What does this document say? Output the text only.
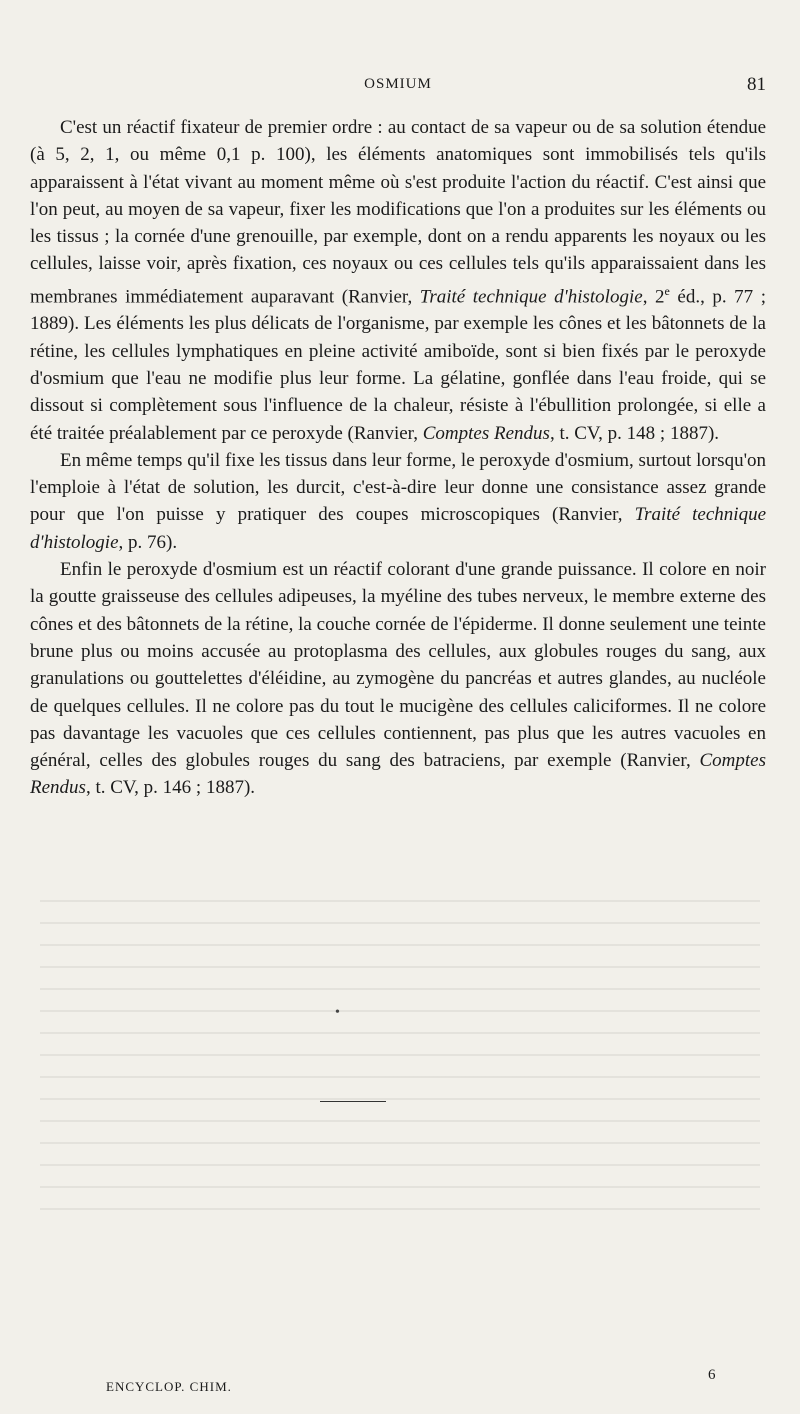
OSMIUM	81

C'est un réactif fixateur de premier ordre : au contact de sa vapeur ou de sa solution étendue (à 5, 2, 1, ou même 0,1 p. 100), les éléments anatomiques sont immobilisés tels qu'ils apparaissent à l'état vivant au moment même où s'est produite l'action du réactif. C'est ainsi que l'on peut, au moyen de sa vapeur, fixer les modifications que l'on a produites sur les éléments ou les tissus ; la cornée d'une grenouille, par exemple, dont on a rendu apparents les noyaux ou les cellules, laisse voir, après fixation, ces noyaux ou ces cellules tels qu'ils apparaissaient dans les membranes immédiatement auparavant (Ranvier, Traité technique d'histologie, 2e éd., p. 77 ; 1889). Les éléments les plus délicats de l'organisme, par exemple les cônes et les bâtonnets de la rétine, les cellules lymphatiques en pleine activité amiboïde, sont si bien fixés par le peroxyde d'osmium que l'eau ne modifie plus leur forme. La gélatine, gonflée dans l'eau froide, qui se dissout si complètement sous l'influence de la chaleur, résiste à l'ébullition prolongée, si elle a été traitée préalablement par ce peroxyde (Ranvier, Comptes Rendus, t. CV, p. 148 ; 1887).

En même temps qu'il fixe les tissus dans leur forme, le peroxyde d'osmium, surtout lorsqu'on l'emploie à l'état de solution, les durcit, c'est-à-dire leur donne une consistance assez grande pour que l'on puisse y pratiquer des coupes microscopiques (Ranvier, Traité technique d'histologie, p. 76).

Enfin le peroxyde d'osmium est un réactif colorant d'une grande puissance. Il colore en noir la goutte graisseuse des cellules adipeuses, la myéline des tubes nerveux, le membre externe des cônes et des bâtonnets de la rétine, la couche cornée de l'épiderme. Il donne seulement une teinte brune plus ou moins accusée au protoplasma des cellules, aux globules rouges du sang, aux granulations ou gouttelettes d'éléidine, au zymogène du pancréas et autres glandes, au nucléole de quelques cellules. Il ne colore pas du tout le mucigène des cellules caliciformes. Il ne colore pas davantage les vacuoles que ces cellules contiennent, pas plus que les autres vacuoles en général, celles des globules rouges du sang des batraciens, par exemple (Ranvier, Comptes Rendus, t. CV, p. 146 ; 1887).

•
ENCYCLOP. CHIM.
6
